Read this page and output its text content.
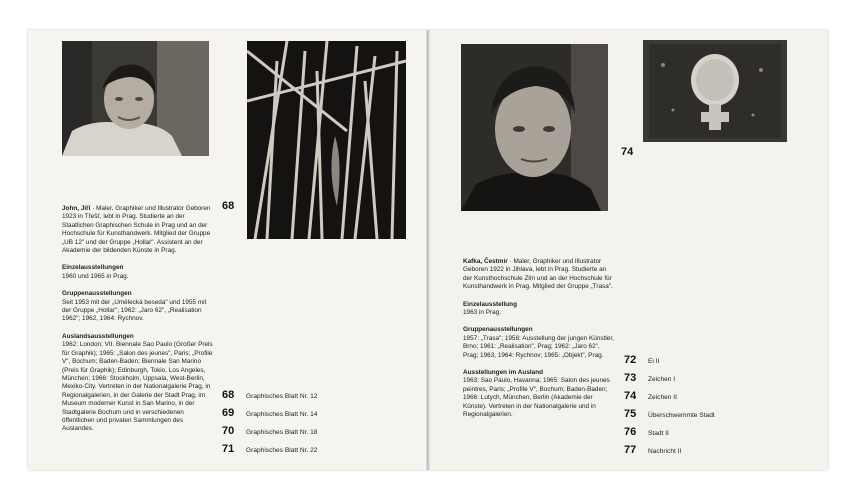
68

John, Jiří · Maler, Graphiker und Illustrator Geboren 1923 in Třešť, lebt in Prag. Studierte an der Staatlichen Graphischen Schule in Prag und an der Hochschule für Kunsthandwerk. Mitglied der Gruppe „UB 12" und der Gruppe „Hollar". Assistent an der Akademie der bildenden Künste in Prag.

Einzelausstellungen
1960 und 1965 in Prag.

Gruppenausstellungen
Seit 1953 mit der „Umělecká beseda" und 1955 mit der Gruppe „Hollar"; 1962: „Jaro 62", „Realisation 1962"; 1962, 1964: Rychnov.

Auslandsausstellungen
1962: London; VII. Biennale Sao Paulo (Großer Preis für Graphik); 1965: „Salon des jeunes", Paris; „Profile V", Bochum; Baden-Baden; Biennale San Marino (Preis für Graphik); Edinburgh, Tokio, Los Angeles, München; 1966: Stockholm, Uppsala, West-Berlin, Mexiko-City. Vertreten in der Nationalgalerie Prag, in Regionalgalerien, in der Galerie der Stadt Prag, im Museum moderner Kunst in San Marino, in der Stadtgalerie Bochum und in verschiedenen öffentlichen und privaten Sammlungen des Auslandes.

68	Graphisches Blatt Nr. 12
69	Graphisches Blatt Nr. 14
70	Graphisches Blatt Nr. 18
71	Graphisches Blatt Nr. 22
74

Kafka, Čestmír · Maler, Graphiker und Illustrator Geboren 1922 in Jihlava, lebt in Prag. Studierte an der Kunsthochschule Zlín und an der Hochschule für Kunsthandwerk in Prag. Mitglied der Gruppe „Trasa".

Einzelausstellung
1963 in Prag.

Gruppenausstellungen
1957: „Trasa"; 1958: Ausstellung der jungen Künstler, Brno; 1961: „Realisation", Prag; 1962: „Jaro 62", Prag; 1963, 1964: Rychnov; 1965: „Objekt", Prag.

Ausstellungen im Ausland
1963: Sao Paulo, Havanna; 1965: Salon des jeunes peintres, Paris; „Profile V", Bochum; Baden-Baden; 1966: Lutych, München, Berlin (Akademie der Künste). Vertreten in der Nationalgalerie und in Regionalgalerien.

72	Ei II
73	Zeichen I
74	Zeichen II
75	Überschwemmte Stadt
76	Stadt II
77	Nachricht II
